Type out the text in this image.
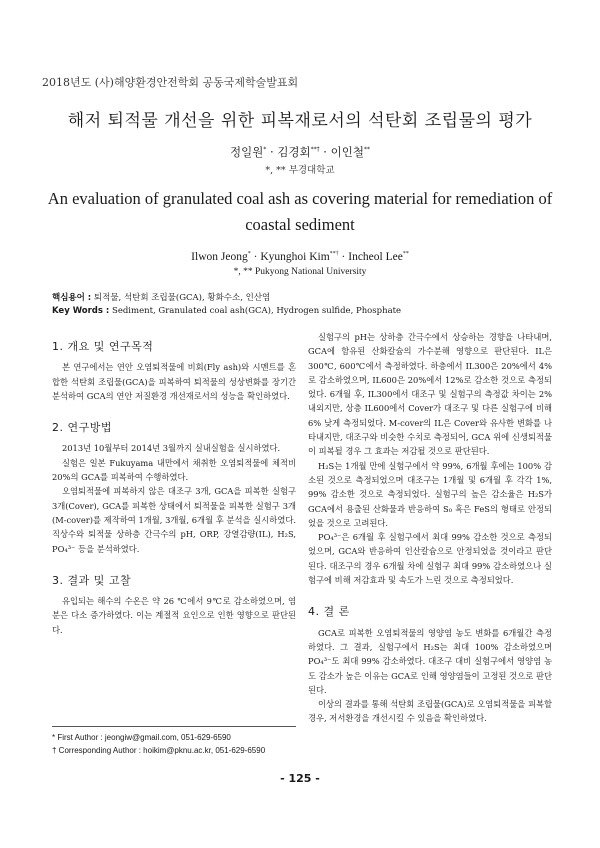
2018년도 (사)해양환경안전학회 공동국제학술발표회
해저 퇴적물 개선을 위한 피복재로서의 석탄회 조립물의 평가
정일원* · 김경회**† · 이인철**
*, ** 부경대학교
An evaluation of granulated coal ash as covering material for remediation of coastal sediment
Ilwon Jeong* · Kyunghoi Kim**† · Incheol Lee**
*, ** Pukyong National University
핵심용어 : 퇴적물, 석탄회 조립물(GCA), 황화수소, 인산염
Key Words : Sediment, Granulated coal ash(GCA), Hydrogen sulfide, Phosphate
1. 개요 및 연구목적

본 연구에서는 연안 오염퇴적물에 비회(Fly ash)와 시멘트를 혼합한 석탄회 조립물(GCA)을 피복하여 퇴적물의 성상변화를 장기간 분석하여 GCA의 연안 저질환경 개선재로서의 성능을 확인하였다.

2. 연구방법

2013년 10월부터 2014년 3월까지 실내실험을 실시하였다.

실험은 일본 Fukuyama 내만에서 채취한 오염퇴적물에 체적비 20%의 GCA를 피복하여 수행하였다.

오염퇴적물에 피복하지 않은 대조구 3개, GCA을 피복한 실험구 3개(Cover), GCA를 피복한 상태에서 퇴적물을 피복한 실험구 3개(M-cover)를 제작하여 1개월, 3개월, 6개월 후 분석을 실시하였다. 직상수와 퇴적물 상하층 간극수의 pH, ORP, 강열감량(IL), H₂S, PO₄³⁻ 등을 분석하였다.

3. 결과 및 고찰

유입되는 해수의 수온은 약 26 ℃에서 9℃로 감소하였으며, 염분은 다소 증가하였다. 이는 계절적 요인으로 인한 영향으로 판단된다.

실험구의 pH는 상하층 간극수에서 상승하는 경향을 나타내며, GCA에 함유된 산화칼슘의 가수분해 영향으로 판단된다. IL은 300℃, 600℃에서 측정하였다. 하층에서 IL300은 20%에서 4%로 감소하였으며, IL600은 20%에서 12%로 감소한 것으로 측정되었다. 6개월 후, IL300에서 대조구 및 실험구의 측정값 차이는 2%내외지만, 상층 IL600에서 Cover가 대조구 및 다른 실험구에 비해 6% 낮게 측정되었다. M-cover의 IL은 Cover와 유사한 변화를 나타내지만, 대조구와 비슷한 수치로 측정되어, GCA 위에 신생퇴적물이 피복될 경우 그 효과는 저감될 것으로 판단된다.

H₂S는 1개월 만에 실험구에서 약 99%, 6개월 후에는 100% 감소된 것으로 측정되었으며 대조구는 1개월 및 6개월 후 각각 1%, 99% 감소한 것으로 측정되었다. 실험구의 높은 감소율은 H₂S가 GCA에서 용출된 산화물과 반응하여 S₀ 혹은 FeS의 형태로 안정되었을 것으로 고려된다.

PO₄³⁻은 6개월 후 실험구에서 최대 99% 감소한 것으로 측정되었으며, GCA와 반응하여 인산칼슘으로 안정되었을 것이라고 판단된다. 대조구의 경우 6개월 차에 실험구 최대 99% 감소하였으나 실험구에 비해 저감효과 및 속도가 느린 것으로 측정되었다.

4. 결 론

GCA로 피복한 오염퇴적물의 영양염 농도 변화를 6개월간 측정하였다. 그 결과, 실험구에서 H₂S는 최대 100% 감소하였으며 PO₄³⁻도 최대 99% 감소하였다. 대조구 대비 실험구에서 영양염 농도 감소가 높은 이유는 GCA로 인해 영양염들이 고정된 것으로 판단된다.

이상의 결과를 통해 석탄회 조립물(GCA)로 오염퇴적물을 피복할 경우, 저서환경을 개선시킬 수 있음을 확인하였다.

* First Author : jeongiw@gmail.com, 051-629-6590
† Corresponding Author : hoikim@pknu.ac.kr, 051-629-6590
- 125 -
